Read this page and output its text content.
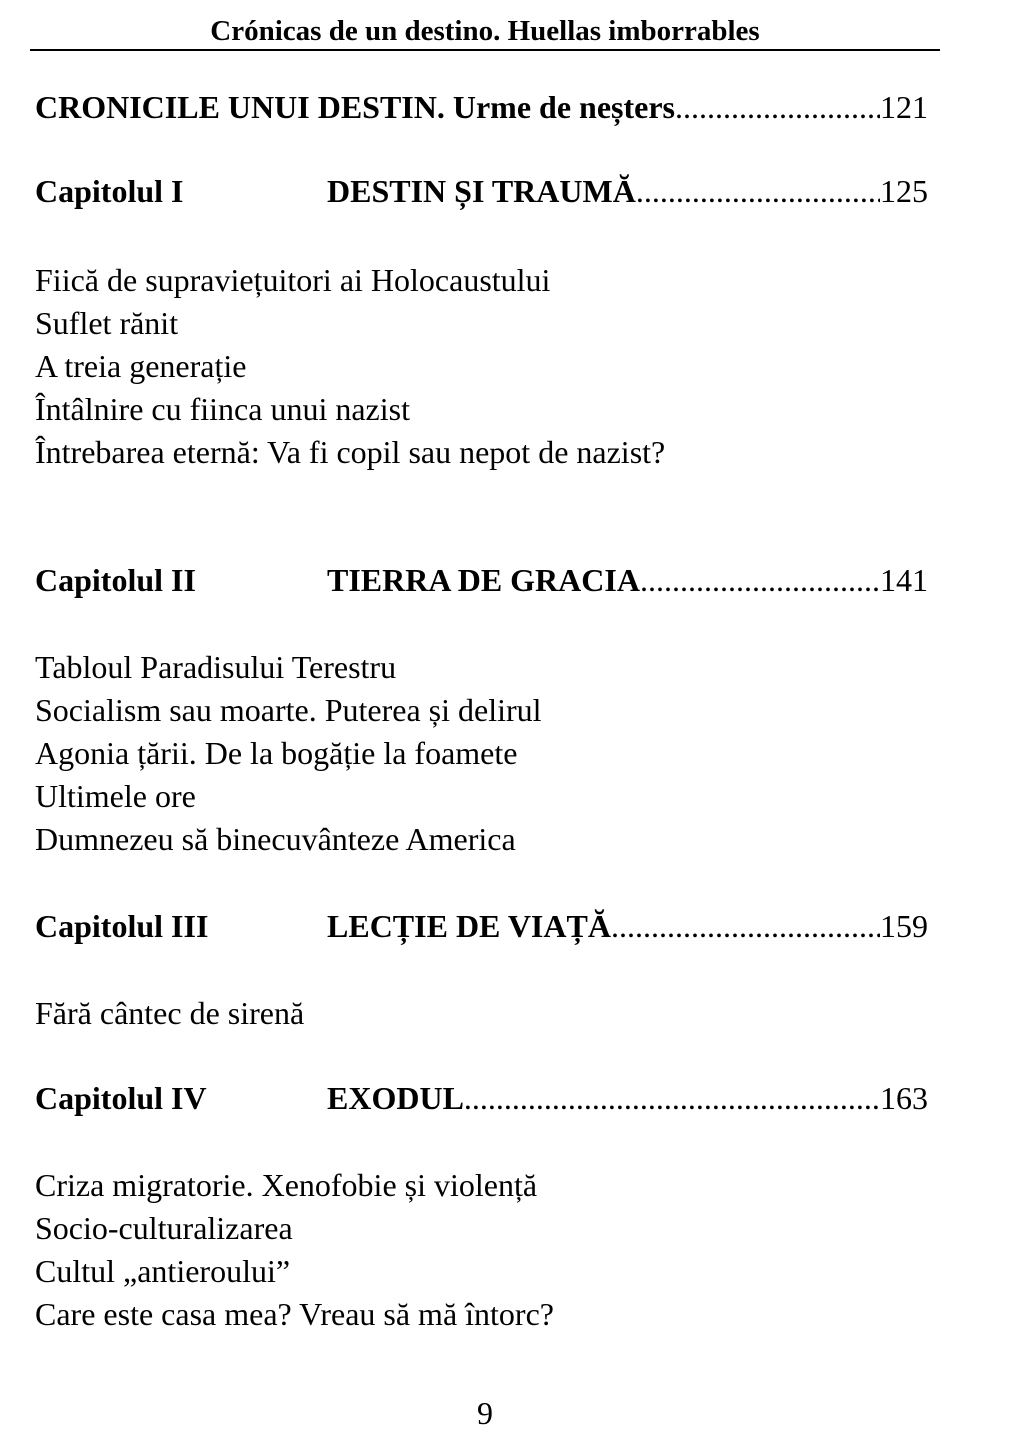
Crónicas de un destino. Huellas imborrables
CRONICILE UNUI DESTIN. Urme de neșters .....	121
Capitolul I	DESTIN ȘI TRAUMĂ .....	125
Fiică de supraviețuitori ai Holocaustului
Suflet rănit
A treia generație
Întâlnire cu fiinca unui nazist
Întrebarea eternă: Va fi copil sau nepot de nazist?
Capitolul II	TIERRA DE GRACIA .....	141
Tabloul Paradisului Terestru
Socialism sau moarte. Puterea și delirul
Agonia țării. De la bogăție la foamete
Ultimele ore
Dumnezeu să binecuvânteze America
Capitolul III	LECȚIE DE VIAȚĂ .....	159
Fără cântec de sirenă
Capitolul IV	EXODUL .....	163
Criza migratorie. Xenofobie și violență
Socio-culturalizarea
Cultul „antieroului”
Care este casa mea? Vreau să mă întorc?
9
